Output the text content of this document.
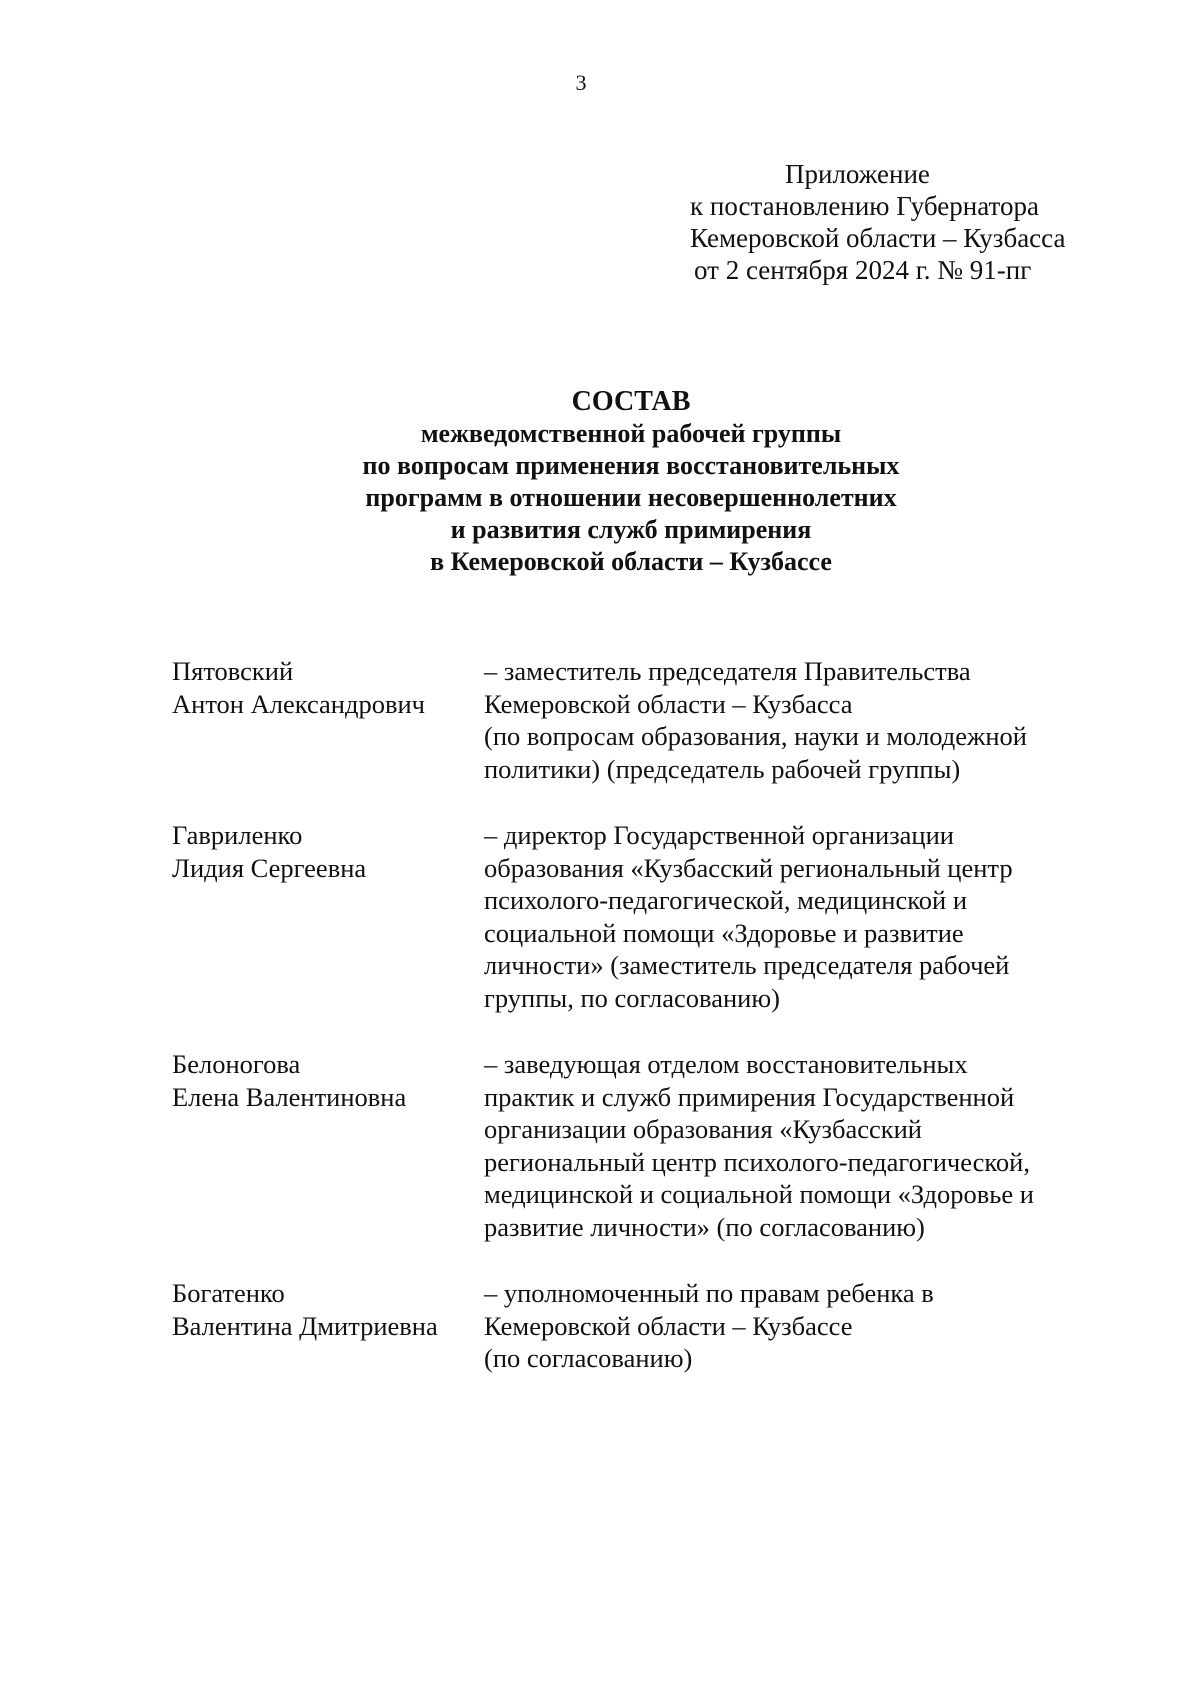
3
Приложение
к постановлению Губернатора
Кемеровской области – Кузбасса
от 2 сентября 2024 г. № 91-пг
СОСТАВ
межведомственной рабочей группы
по вопросам применения восстановительных
программ в отношении несовершеннолетних
и развития служб примирения
в Кемеровской области – Кузбассе
Пятовский
Антон Александрович
– заместитель председателя Правительства
Кемеровской области – Кузбасса
(по вопросам образования, науки и молодежной
политики) (председатель рабочей группы)
Гавриленко
Лидия Сергеевна
– директор Государственной организации
образования «Кузбасский региональный центр
психолого-педагогической, медицинской и
социальной помощи «Здоровье и развитие
личности» (заместитель председателя рабочей
группы, по согласованию)
Белоногова
Елена Валентиновна
– заведующая отделом восстановительных
практик и служб примирения Государственной
организации образования «Кузбасский
региональный центр психолого-педагогической,
медицинской и социальной помощи «Здоровье и
развитие личности» (по согласованию)
Богатенко
Валентина Дмитриевна
– уполномоченный по правам ребенка в
Кемеровской области – Кузбассе
(по согласованию)
